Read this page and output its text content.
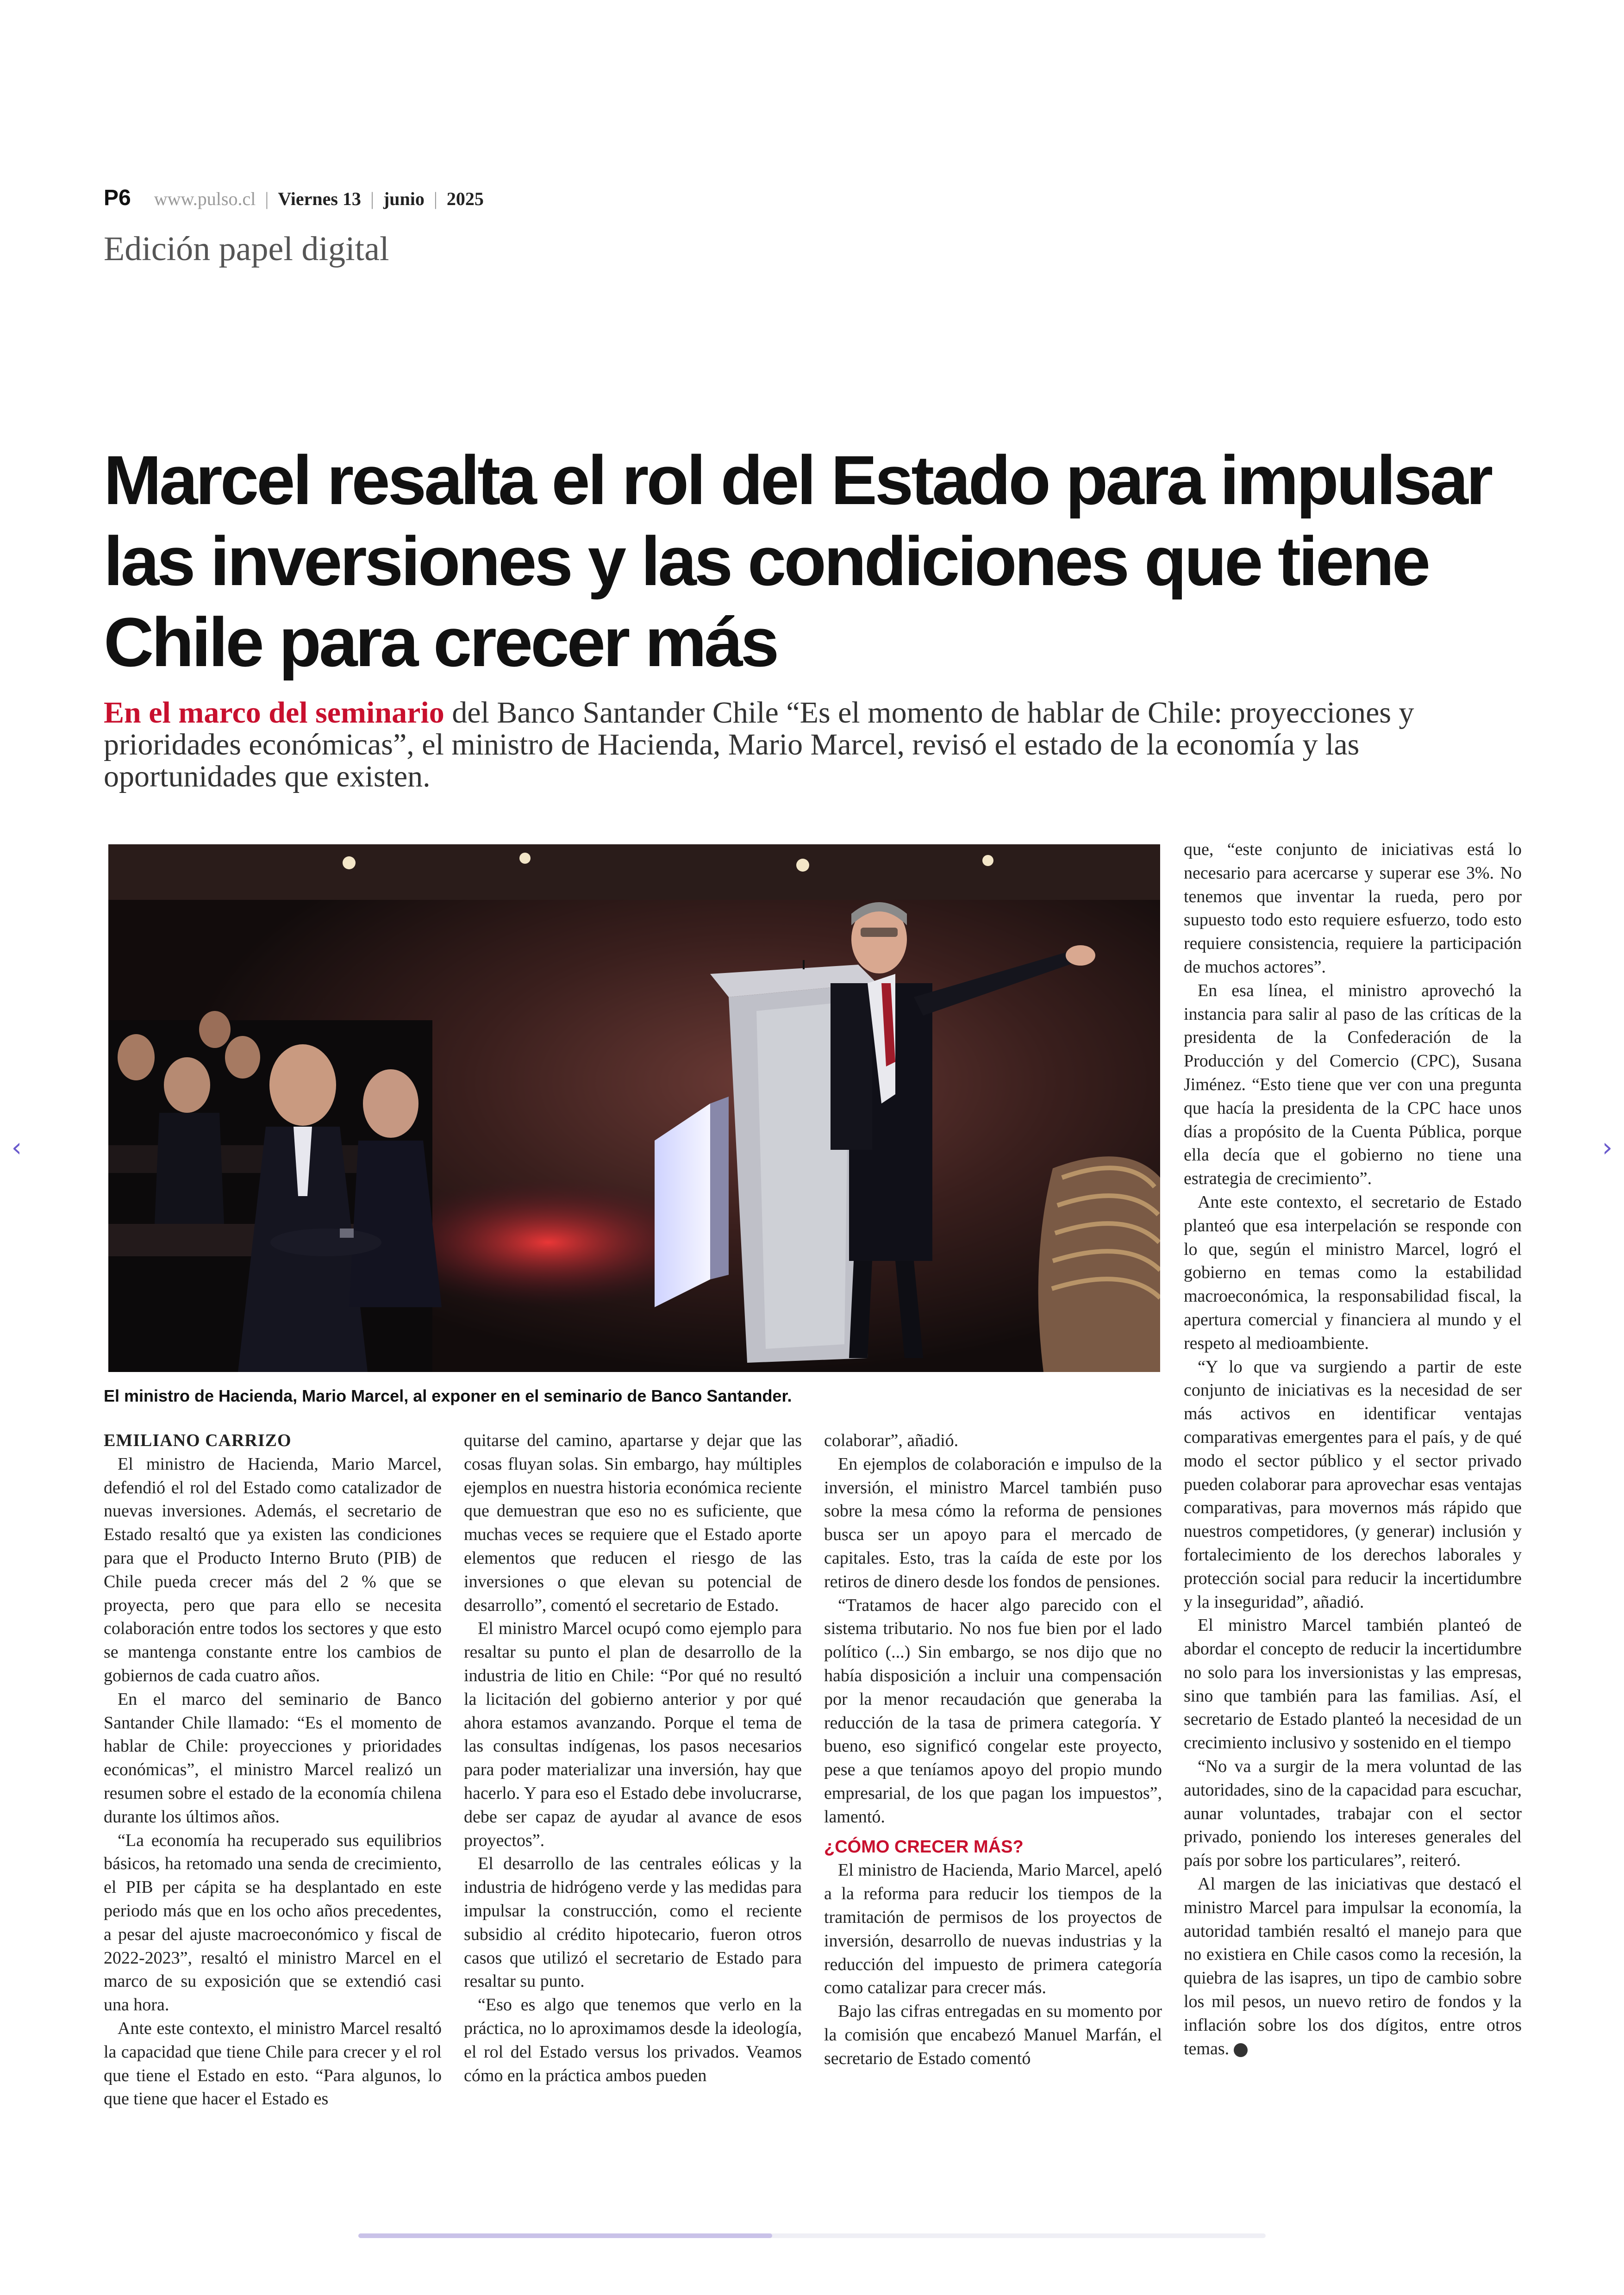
P6 www.pulso.cl | Viernes 13 | junio | 2025
Edición papel digital
Marcel resalta el rol del Estado para impulsar las inversiones y las condiciones que tiene Chile para crecer más

En el marco del seminario del Banco Santander Chile “Es el momento de hablar de Chile: proyecciones y prioridades económicas”, el ministro de Hacienda, Mario Marcel, revisó el estado de la economía y las oportunidades que existen.

El ministro de Hacienda, Mario Marcel, al exponer en el seminario de Banco Santander.

EMILIANO CARRIZO

El ministro de Hacienda, Mario Marcel, defendió el rol del Estado como catalizador de nuevas inversiones. Además, el secretario de Estado resaltó que ya existen las condiciones para que el Producto Interno Bruto (PIB) de Chile pueda crecer más del 2 % que se proyecta, pero que para ello se necesita colaboración entre todos los sectores y que esto se mantenga constante entre los cambios de gobiernos de cada cuatro años.

En el marco del seminario de Banco Santander Chile llamado: “Es el momento de hablar de Chile: proyecciones y prioridades económicas”, el ministro Marcel realizó un resumen sobre el estado de la economía chilena durante los últimos años.

“La economía ha recuperado sus equilibrios básicos, ha retomado una senda de crecimiento, el PIB per cápita se ha desplantado en este periodo más que en los ocho años precedentes, a pesar del ajuste macroeconómico y fiscal de 2022-2023”, resaltó el ministro Marcel en el marco de su exposición que se extendió casi una hora.

Ante este contexto, el ministro Marcel resaltó la capacidad que tiene Chile para crecer y el rol que tiene el Estado en esto. “Para algunos, lo que tiene que hacer el Estado es

quitarse del camino, apartarse y dejar que las cosas fluyan solas. Sin embargo, hay múltiples ejemplos en nuestra historia económica reciente que demuestran que eso no es suficiente, que muchas veces se requiere que el Estado aporte elementos que reducen el riesgo de las inversiones o que elevan su potencial de desarrollo”, comentó el secretario de Estado.

El ministro Marcel ocupó como ejemplo para resaltar su punto el plan de desarrollo de la industria de litio en Chile: “Por qué no resultó la licitación del gobierno anterior y por qué ahora estamos avanzando. Porque el tema de las consultas indígenas, los pasos necesarios para poder materializar una inversión, hay que hacerlo. Y para eso el Estado debe involucrarse, debe ser capaz de ayudar al avance de esos proyectos”.

El desarrollo de las centrales eólicas y la industria de hidrógeno verde y las medidas para impulsar la construcción, como el reciente subsidio al crédito hipotecario, fueron otros casos que utilizó el secretario de Estado para resaltar su punto.

“Eso es algo que tenemos que verlo en la práctica, no lo aproximamos desde la ideología, el rol del Estado versus los privados. Veamos cómo en la práctica ambos pueden

colaborar”, añadió.

En ejemplos de colaboración e impulso de la inversión, el ministro Marcel también puso sobre la mesa cómo la reforma de pensiones busca ser un apoyo para el mercado de capitales. Esto, tras la caída de este por los retiros de dinero desde los fondos de pensiones.

“Tratamos de hacer algo parecido con el sistema tributario. No nos fue bien por el lado político (...) Sin embargo, se nos dijo que no había disposición a incluir una compensación por la menor recaudación que generaba la reducción de la tasa de primera categoría. Y bueno, eso significó congelar este proyecto, pese a que teníamos apoyo del propio mundo empresarial, de los que pagan los impuestos”, lamentó.

¿CÓMO CRECER MÁS?

El ministro de Hacienda, Mario Marcel, apeló a la reforma para reducir los tiempos de la tramitación de permisos de los proyectos de inversión, desarrollo de nuevas industrias y la reducción del impuesto de primera categoría como catalizar para crecer más.

Bajo las cifras entregadas en su momento por la comisión que encabezó Manuel Marfán, el secretario de Estado comentó

que, “este conjunto de iniciativas está lo necesario para acercarse y superar ese 3%. No tenemos que inventar la rueda, pero por supuesto todo esto requiere esfuerzo, todo esto requiere consistencia, requiere la participación de muchos actores”.

En esa línea, el ministro aprovechó la instancia para salir al paso de las críticas de la presidenta de la Confederación de la Producción y del Comercio (CPC), Susana Jiménez. “Esto tiene que ver con una pregunta que hacía la presidenta de la CPC hace unos días a propósito de la Cuenta Pública, porque ella decía que el gobierno no tiene una estrategia de crecimiento”.

Ante este contexto, el secretario de Estado planteó que esa interpelación se responde con lo que, según el ministro Marcel, logró el gobierno en temas como la estabilidad macroeconómica, la responsabilidad fiscal, la apertura comercial y financiera al mundo y el respeto al medioambiente.

“Y lo que va surgiendo a partir de este conjunto de iniciativas es la necesidad de ser más activos en identificar ventajas comparativas emergentes para el país, y de qué modo el sector público y el sector privado pueden colaborar para aprovechar esas ventajas comparativas, para movernos más rápido que nuestros competidores, (y generar) inclusión y fortalecimiento de los derechos laborales y protección social para reducir la incertidumbre y la inseguridad”, añadió.

El ministro Marcel también planteó de abordar el concepto de reducir la incertidumbre no solo para los inversionistas y las empresas, sino que también para las familias. Así, el secretario de Estado planteó la necesidad de un crecimiento inclusivo y sostenido en el tiempo

“No va a surgir de la mera voluntad de las autoridades, sino de la capacidad para escuchar, aunar voluntades, trabajar con el sector privado, poniendo los intereses generales del país por sobre los particulares”, reiteró.

Al margen de las iniciativas que destacó el ministro Marcel para impulsar la economía, la autoridad también resaltó el manejo para que no existiera en Chile casos como la recesión, la quiebra de las isapres, un tipo de cambio sobre los mil pesos, un nuevo retiro de fondos y la inflación sobre los dos dígitos, entre otros temas.

‹	›
